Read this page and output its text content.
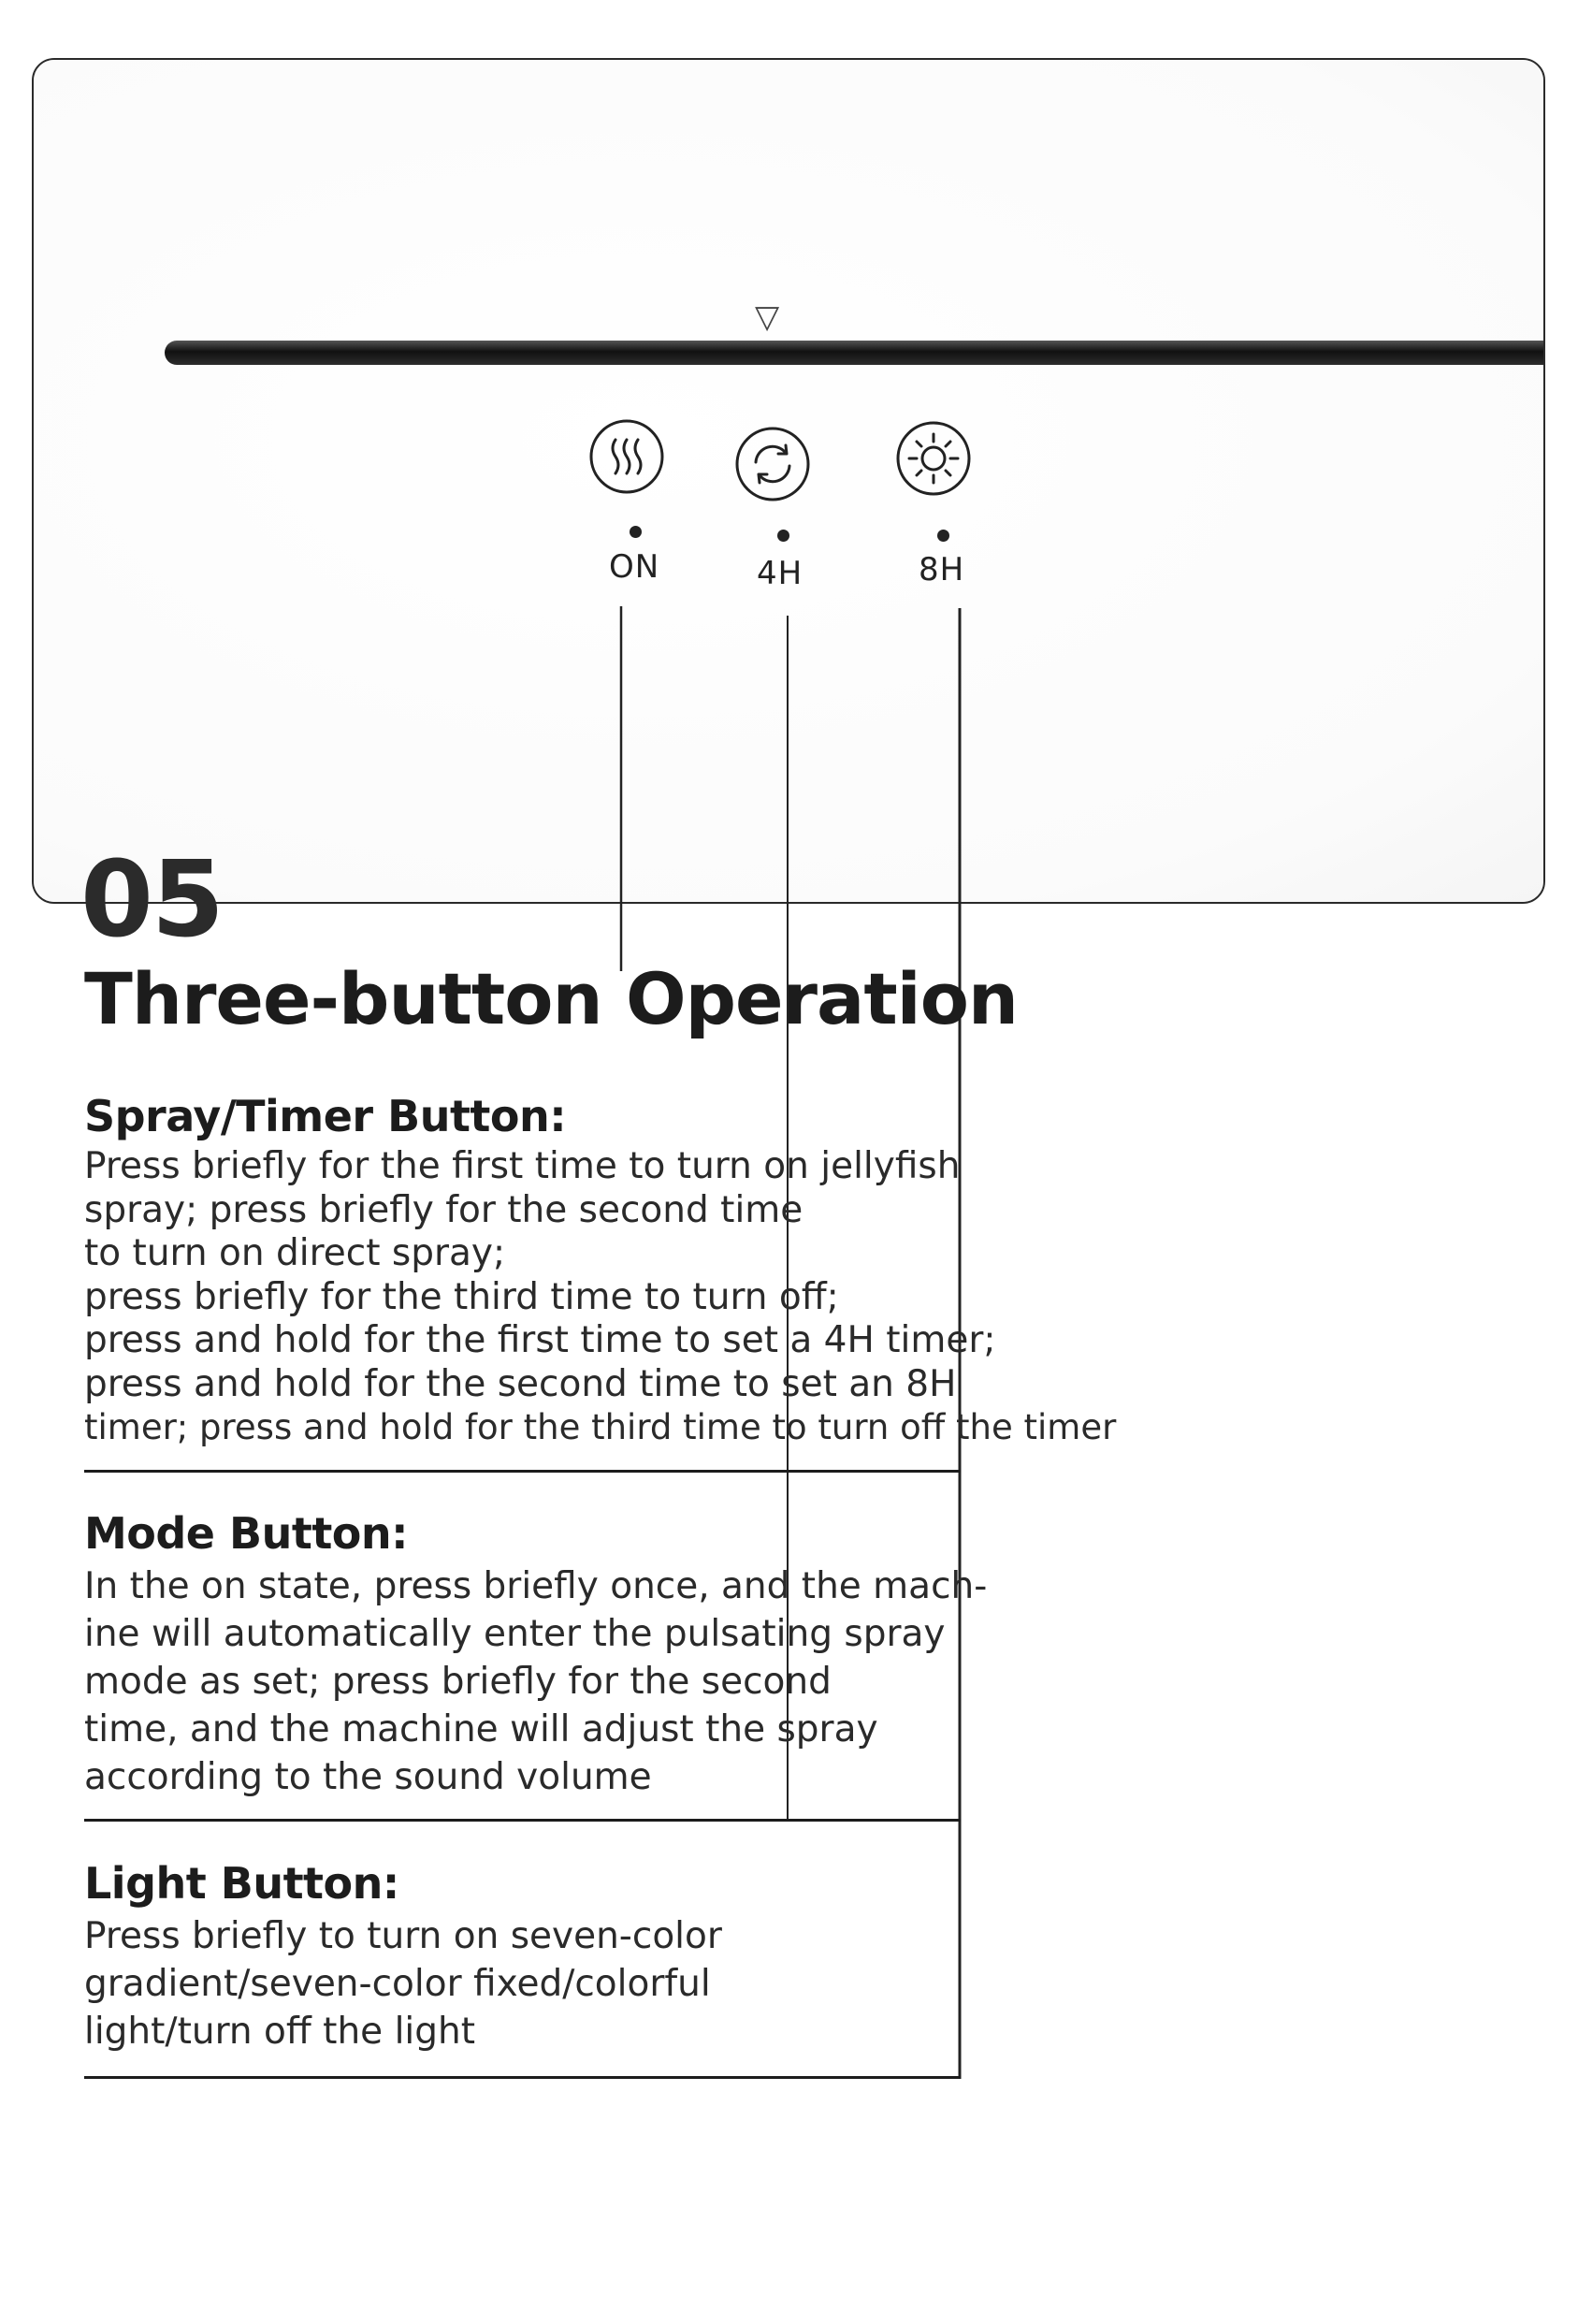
▽
ON	4H	8H
05
Three-button Operation
Spray/Timer Button:
Press briefly for the first time to turn on jellyfish
spray; press briefly for the second time
to turn on direct spray;
press briefly for the third time to turn off;
press and hold for the first time to set a 4H timer;
press and hold for the second time to set an 8H
timer; press and hold for the third time to turn off the timer
Mode Button:
In the on state, press briefly once, and the mach-
ine will automatically enter the pulsating spray
mode as set; press briefly for the second
time, and the machine will adjust the spray
according to the sound volume
Light Button:
Press briefly to turn on seven-color
gradient/seven-color fixed/colorful
light/turn off the light
